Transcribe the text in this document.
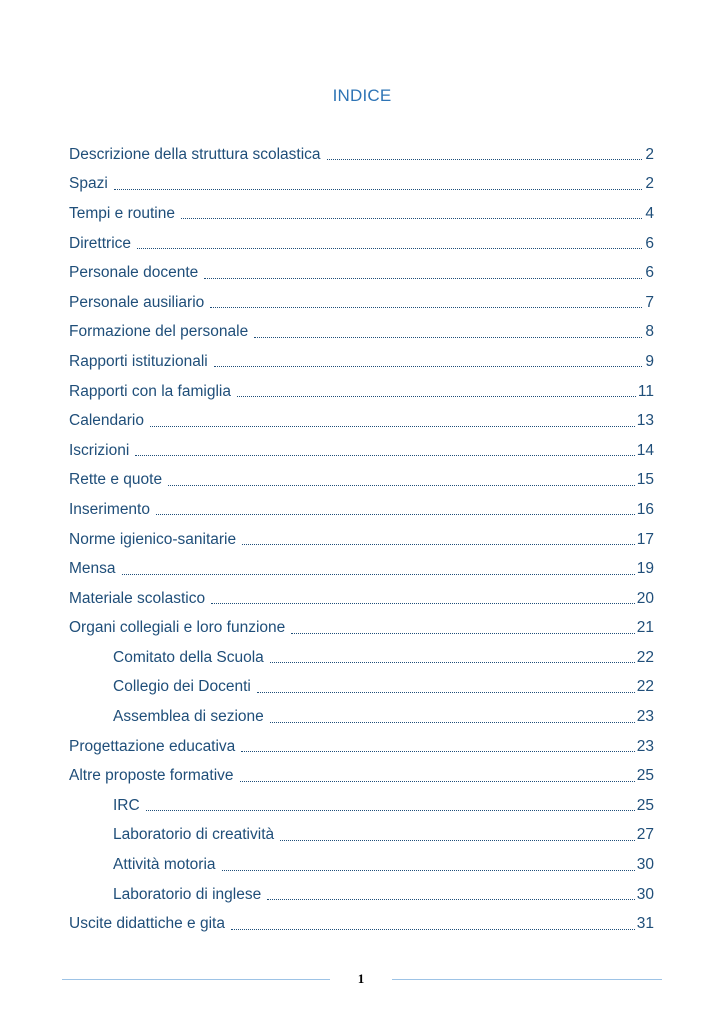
INDICE
Descrizione della struttura scolastica	2
Spazi	2
Tempi e routine	4
Direttrice	6
Personale docente	6
Personale ausiliario	7
Formazione del personale	8
Rapporti istituzionali	9
Rapporti con la famiglia	11
Calendario	13
Iscrizioni	14
Rette e quote	15
Inserimento	16
Norme igienico-sanitarie	17
Mensa	19
Materiale scolastico	20
Organi collegiali e loro funzione	21
Comitato della Scuola	22
Collegio dei Docenti	22
Assemblea di sezione	23
Progettazione educativa	23
Altre proposte formative	25
IRC	25
Laboratorio di creatività	27
Attività motoria	30
Laboratorio di inglese	30
Uscite didattiche e gita	31
1
